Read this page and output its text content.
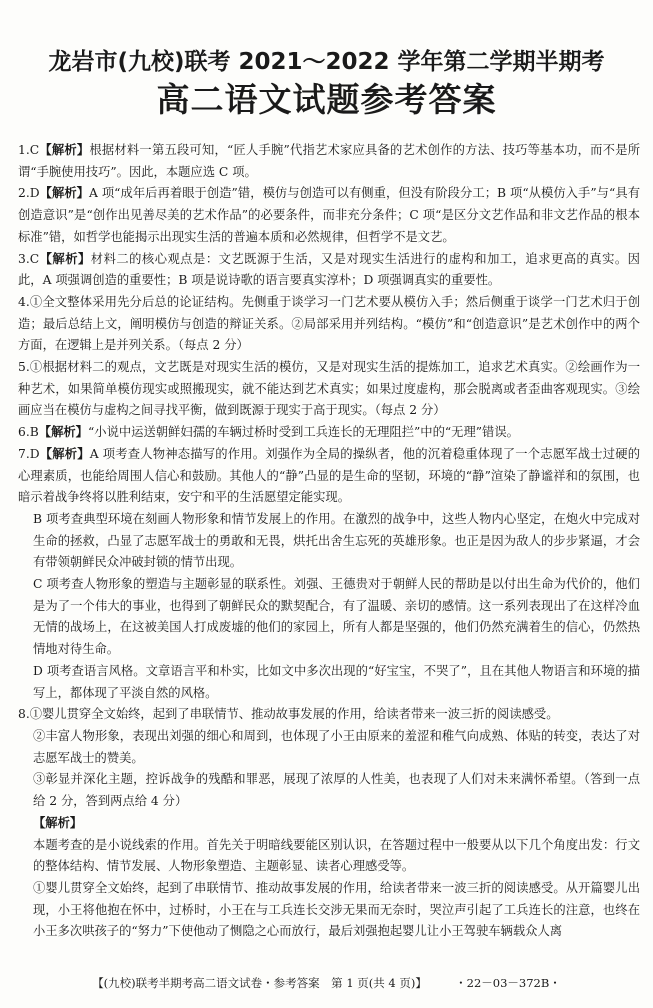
龙岩市(九校)联考 2021～2022 学年第二学期半期考
高二语文试题参考答案

1.C【解析】根据材料一第五段可知，“匠人手腕”代指艺术家应具备的艺术创作的方法、技巧等基本功，而不是所谓“手腕使用技巧”。因此，本题应选 C 项。

2.D【解析】A 项“成年后再着眼于创造”错，模仿与创造可以有侧重，但没有阶段分工；B 项“从模仿入手”与“具有创造意识”是“创作出见善尽美的艺术作品”的必要条件，而非充分条件；C 项“是区分文艺作品和非文艺作品的根本标准”错，如哲学也能揭示出现实生活的普遍本质和必然规律，但哲学不是文艺。

3.C【解析】材料二的核心观点是：文艺既源于生活，又是对现实生活进行的虚构和加工，追求更高的真实。因此，A 项强调创造的重要性；B 项是说诗歌的语言要真实淳朴；D 项强调真实的重要性。

4.①全文整体采用先分后总的论证结构。先侧重于谈学习一门艺术要从模仿入手；然后侧重于谈学一门艺术归于创造；最后总结上文，阐明模仿与创造的辩证关系。②局部采用并列结构。“模仿”和“创造意识”是艺术创作中的两个方面，在逻辑上是并列关系。（每点 2 分）

5.①根据材料二的观点，文艺既是对现实生活的模仿，又是对现实生活的提炼加工，追求艺术真实。②绘画作为一种艺术，如果简单模仿现实或照搬现实，就不能达到艺术真实；如果过度虚构，那会脱离或者歪曲客观现实。③绘画应当在模仿与虚构之间寻找平衡，做到既源于现实于高于现实。（每点 2 分）

6.B【解析】“小说中运送朝鲜妇孺的车辆过桥时受到工兵连长的无理阻拦”中的“无理”错误。

7.D【解析】A 项考查人物神态描写的作用。刘强作为全局的操纵者，他的沉着稳重体现了一个志愿军战士过硬的心理素质，也能给周围人信心和鼓励。其他人的“静”凸显的是生命的坚韧，环境的“静”渲染了静谧祥和的氛围，也暗示着战争终将以胜利结束，安宁和平的生活愿望定能实现。

B 项考查典型环境在刻画人物形象和情节发展上的作用。在激烈的战争中，这些人物内心坚定，在炮火中完成对生命的拯救，凸显了志愿军战士的勇敢和无畏，烘托出舍生忘死的英雄形象。也正是因为敌人的步步紧逼，才会有带领朝鲜民众冲破封锁的情节出现。

C 项考查人物形象的塑造与主题彰显的联系性。刘强、王德贵对于朝鲜人民的帮助是以付出生命为代价的，他们是为了一个伟大的事业，也得到了朝鲜民众的默契配合，有了温暖、亲切的感情。这一系列表现出了在这样冷血无情的战场上，在这被美国人打成废墟的他们的家园上，所有人都是坚强的，他们仍然充满着生的信心，仍然热情地对待生命。

D 项考查语言风格。文章语言平和朴实，比如文中多次出现的“好宝宝，不哭了”，且在其他人物语言和环境的描写上，都体现了平淡自然的风格。

8.①婴儿贯穿全文始终，起到了串联情节、推动故事发展的作用，给读者带来一波三折的阅读感受。

②丰富人物形象，表现出刘强的细心和周到，也体现了小王由原来的羞涩和稚气向成熟、体贴的转变，表达了对志愿军战士的赞美。

③彰显并深化主题，控诉战争的残酷和罪恶，展现了浓厚的人性美，也表现了人们对未来满怀希望。（答到一点给 2 分，答到两点给 4 分）

【解析】

本题考查的是小说线索的作用。首先关于明暗线要能区别认识，在答题过程中一般要从以下几个角度出发：行文的整体结构、情节发展、人物形象塑造、主题彰显、读者心理感受等。

①婴儿贯穿全文始终，起到了串联情节、推动故事发展的作用，给读者带来一波三折的阅读感受。从开篇婴儿出现，小王将他抱在怀中，过桥时，小王在与工兵连长交涉无果而无奈时，哭泣声引起了工兵连长的注意，也终在小王多次哄孩子的“努力”下使他动了恻隐之心而放行，最后刘强抱起婴儿让小王驾驶车辆载众人离

【(九校)联考半期考高二语文试卷・参考答案　第 1 页(共 4 页)】	・22－03－372B・
